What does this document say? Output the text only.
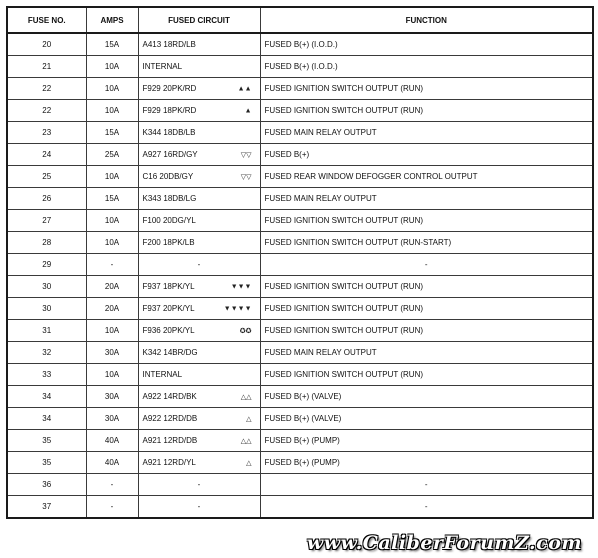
FUSE NO.	AMPS	FUSED CIRCUIT	FUNCTION
20	15A	A413 18RD/LB	FUSED B(+) (I.O.D.)
21	10A	INTERNAL	FUSED B(+) (I.O.D.)
22	10A	F929 20PK/RD ▲▲	FUSED IGNITION SWITCH OUTPUT (RUN)
22	10A	F929 18PK/RD ▲	FUSED IGNITION SWITCH OUTPUT (RUN)
23	15A	K344 18DB/LB	FUSED MAIN RELAY OUTPUT
24	25A	A927 16RD/GY ▽▽	FUSED B(+)
25	10A	C16 20DB/GY ▽▽	FUSED REAR WINDOW DEFOGGER CONTROL OUTPUT
26	15A	K343 18DB/LG	FUSED MAIN RELAY OUTPUT
27	10A	F100 20DG/YL	FUSED IGNITION SWITCH OUTPUT (RUN)
28	10A	F200 18PK/LB	FUSED IGNITION SWITCH OUTPUT (RUN-START)
29	-	-	-
30	20A	F937 18PK/YL ▼▼▼	FUSED IGNITION SWITCH OUTPUT (RUN)
30	20A	F937 20PK/YL ▼▼▼▼	FUSED IGNITION SWITCH OUTPUT (RUN)
31	10A	F936 20PK/YL ✪✪	FUSED IGNITION SWITCH OUTPUT (RUN)
32	30A	K342 14BR/DG	FUSED MAIN RELAY OUTPUT
33	10A	INTERNAL	FUSED IGNITION SWITCH OUTPUT (RUN)
34	30A	A922 14RD/BK △△	FUSED B(+) (VALVE)
34	30A	A922 12RD/DB △	FUSED B(+) (VALVE)
35	40A	A921 12RD/DB △△	FUSED B(+) (PUMP)
35	40A	A921 12RD/YL △	FUSED B(+) (PUMP)
36	-	-	-
37	-	-	-
www.CaliberForumZ.com
